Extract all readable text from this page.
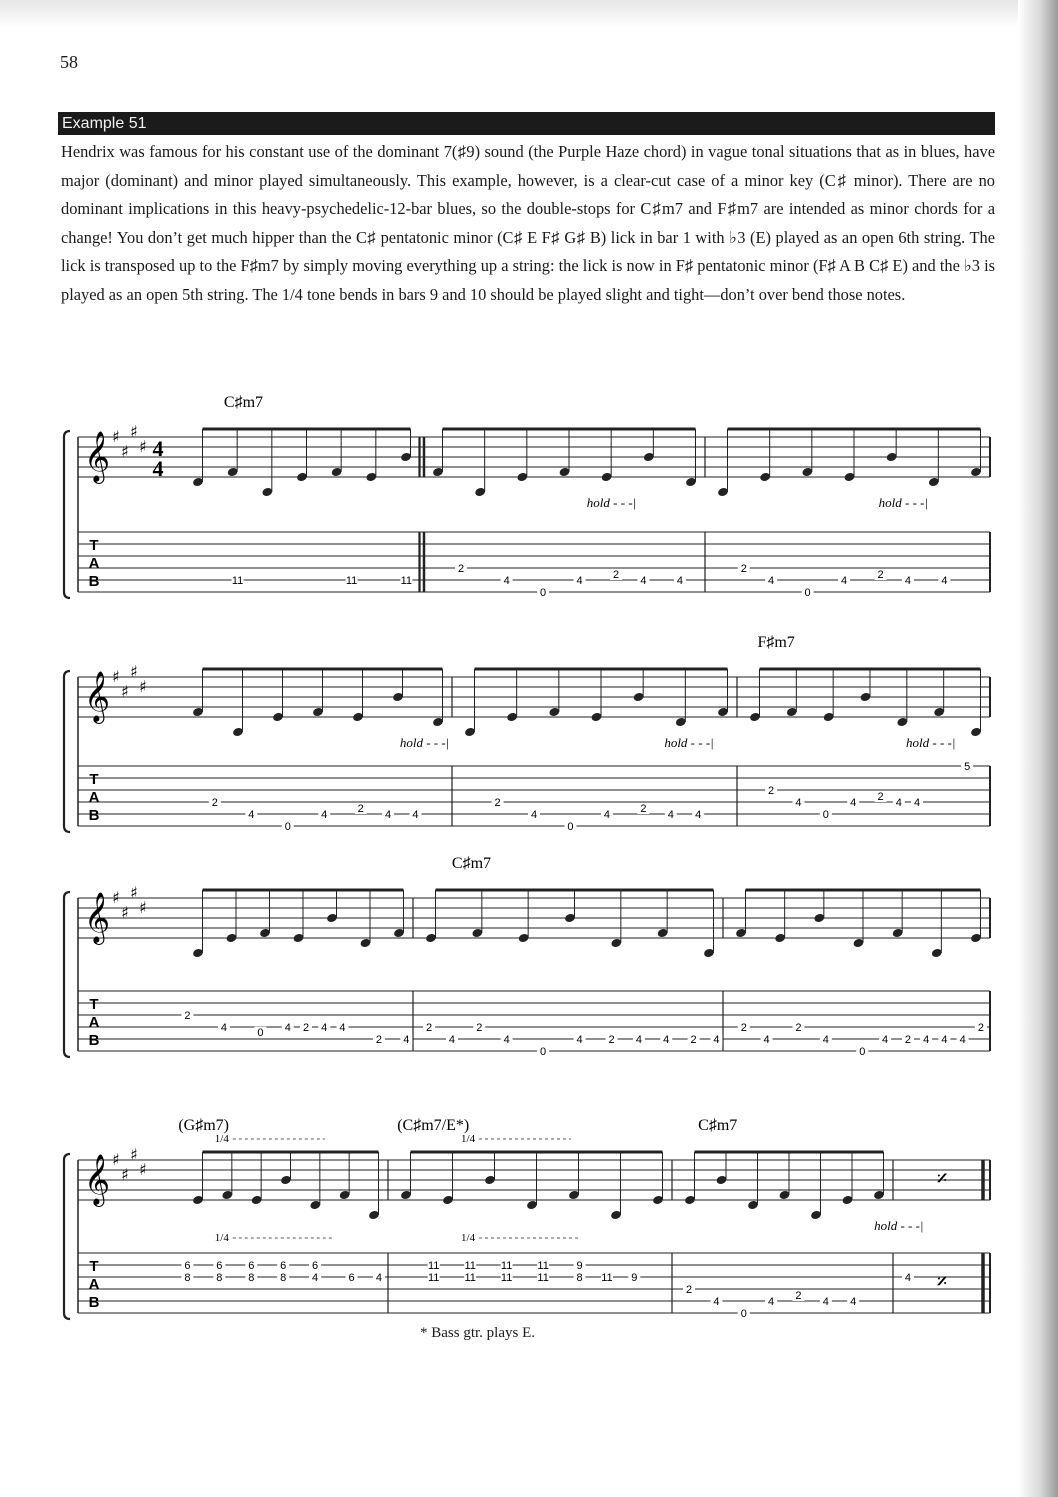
58
Example 51
Hendrix was famous for his constant use of the dominant 7(♯9) sound (the Purple Haze chord) in vague tonal situations that as in blues, have major (dominant) and minor played simultaneously. This example, however, is a clear-cut case of a minor key (C♯ minor). There are no dominant implications in this heavy-psychedelic-12-bar blues, so the double-stops for C♯m7 and F♯m7 are intended as minor chords for a change! You don’t get much hipper than the C♯ pentatonic minor (C♯ E F♯ G♯ B) lick in bar 1 with ♭3 (E) played as an open 6th string. The lick is transposed up to the F♯m7 by simply moving everything up a string: the lick is now in F♯ pentatonic minor (F♯ A B C♯ E) and the ♭3 is played as an open 5th string. The 1/4 tone bends in bars 9 and 10 should be played slight and tight—don’t over bend those notes.
𝄞 ♯
♯
♯
♯ 4
4
T
A
B
C♯m7
hold - - -|	hold - - -|
11	11	11
2
4
0
4	2 4	4
2
4
0
4	2 4	4
𝄞 ♯
♯
♯
♯
T
A
B
F♯m7
hold - - -|	hold - - -|	hold - - -|
2
4
0
4	2 4 4
2
4
0
4	2 4 4
2
4
0
4 2 4 4
5
𝄞 ♯
♯
♯
♯
T
A
B
C♯m7
2
4	0 4 2 4 4
2 4
2
4
2
4
0
4 2 4 4 2 4
2
4
2
4
0
4 2 4 4 4
2
𝄎
𝄎
𝄞 ♯
♯
♯
♯
T
A
B
(G♯m7)	(C♯m7/E*)	C♯m7
1/4
1/4
1/4
1/4
hold - - -|
6
8
6
8
6
8
6
8
6
4	6 4
11
11
11
11
11
11
11
11
9
8 11 9
2
4
0
4 2 4 4
4
* Bass gtr. plays E.
